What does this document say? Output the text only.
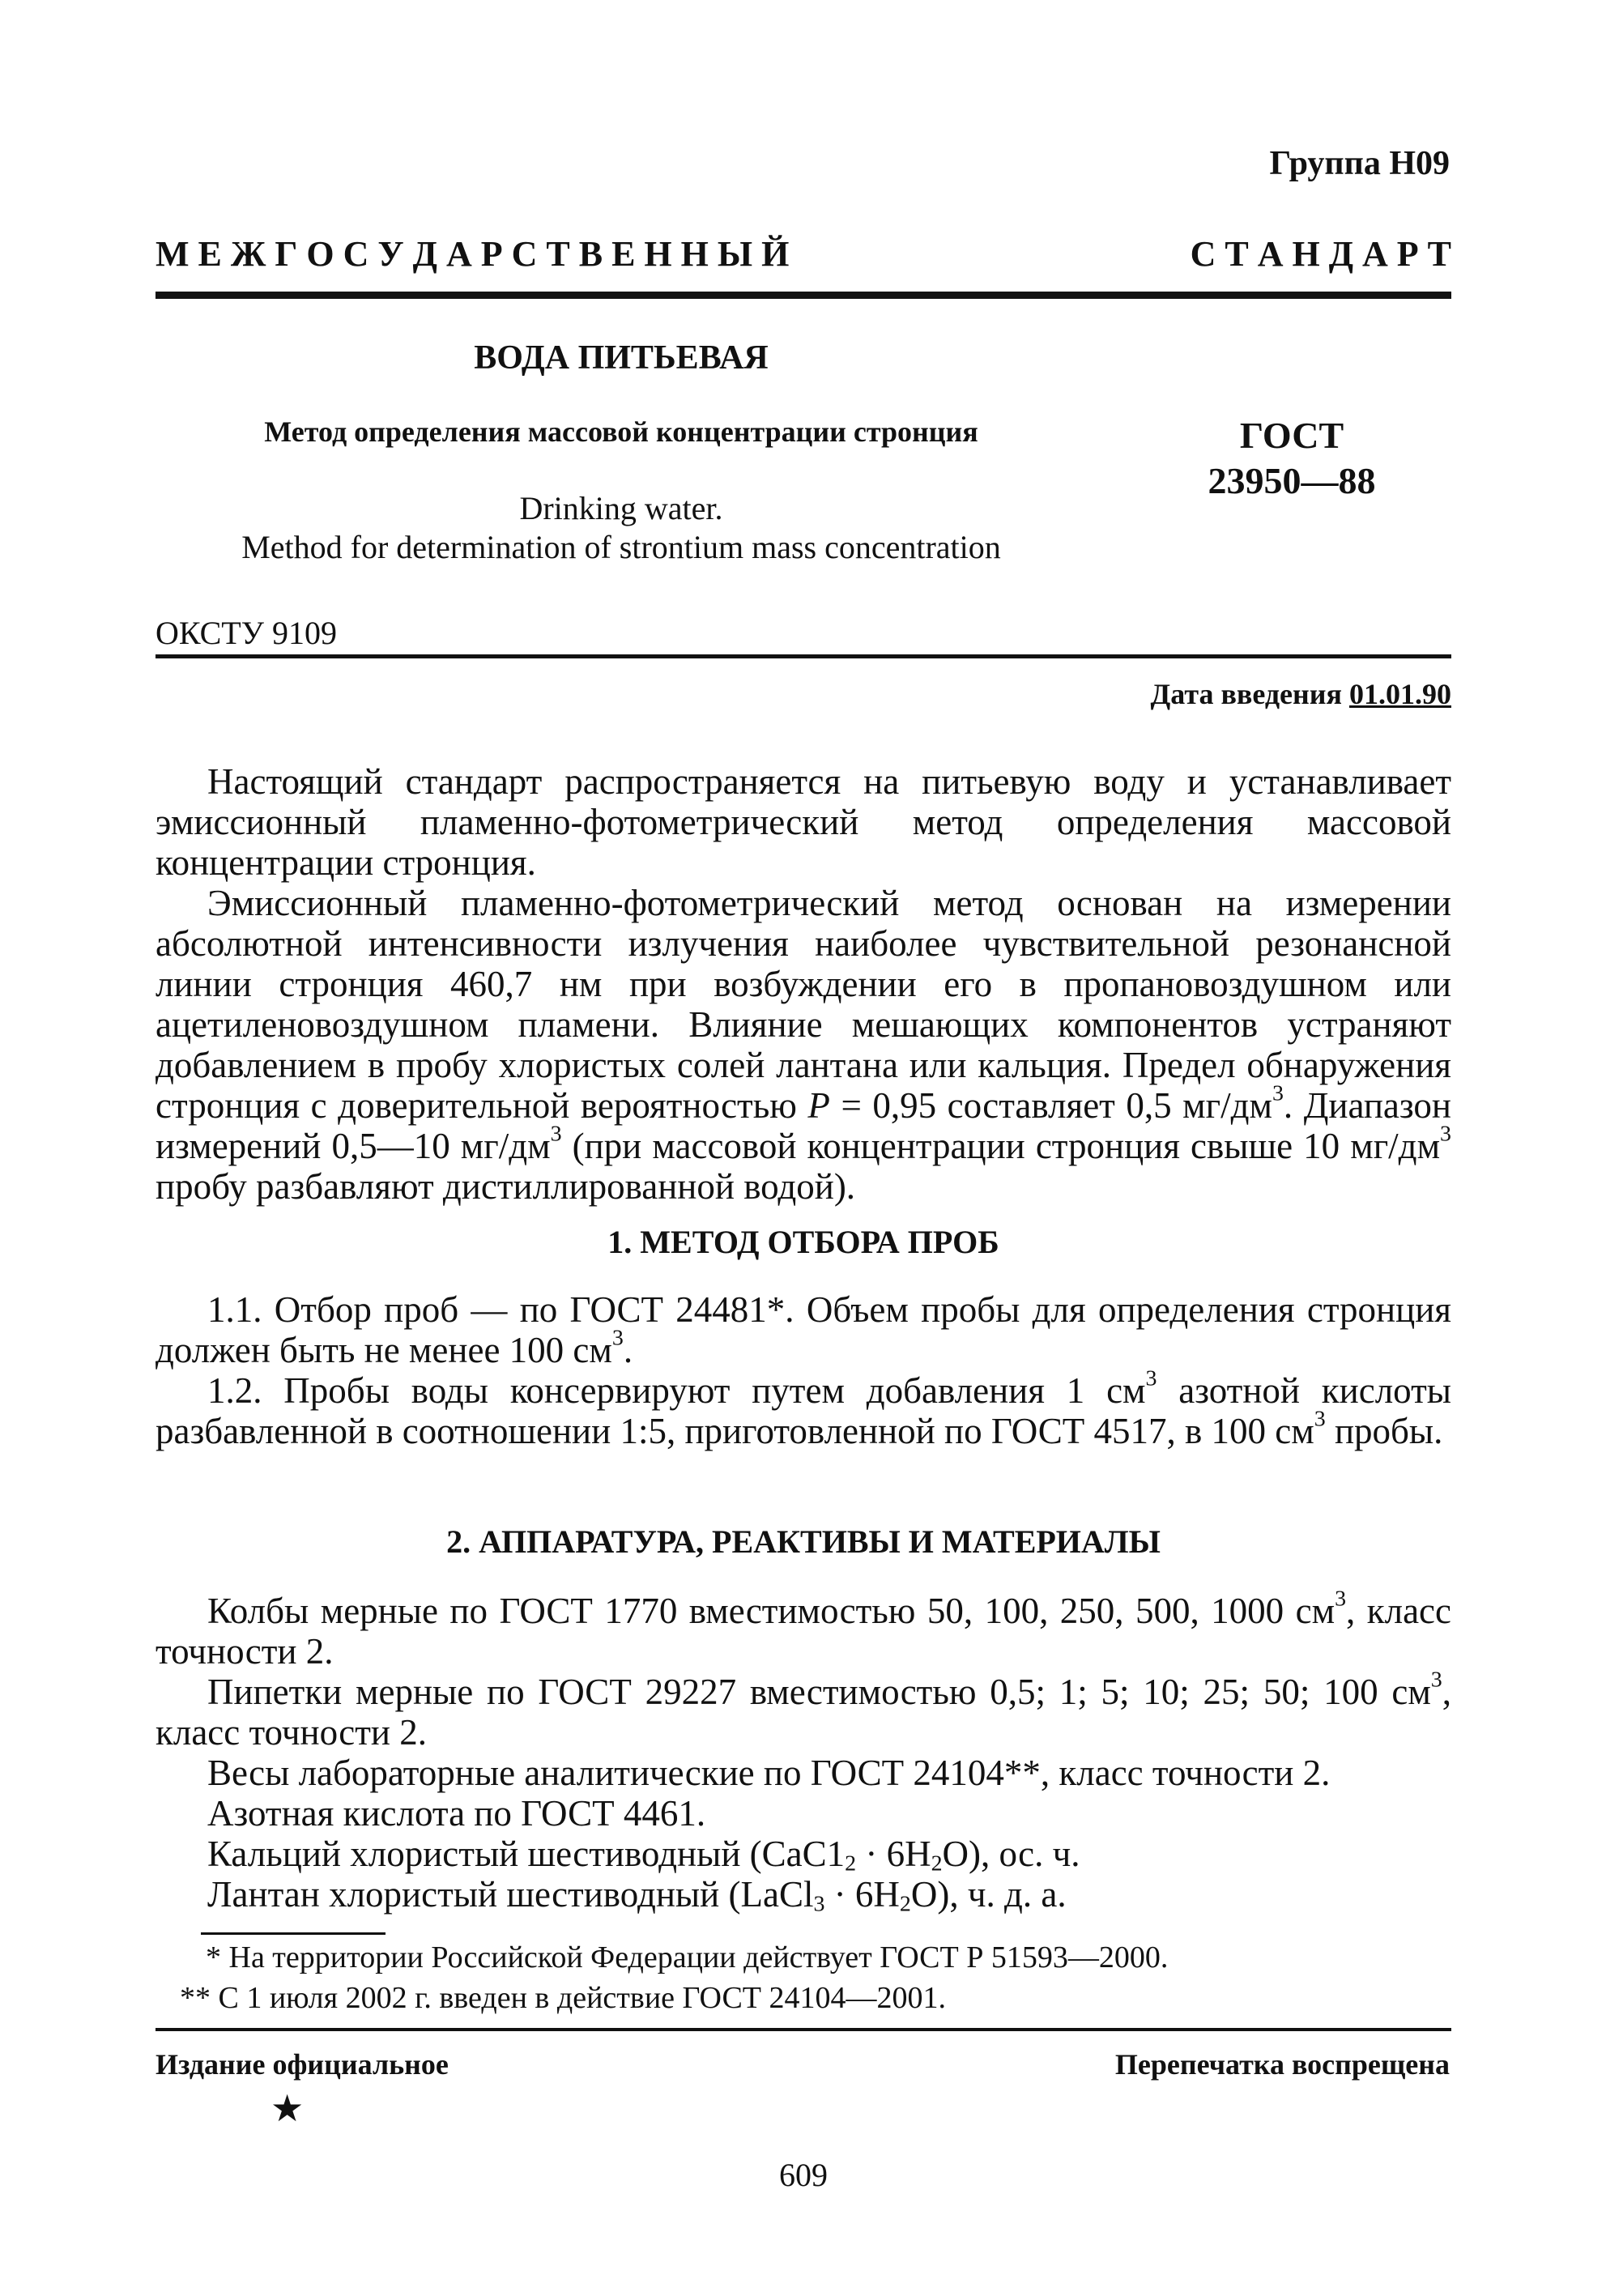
Группа Н09
М Е Ж Г О С У Д А Р С Т В Е Н Н Ы Й	С Т А Н Д А Р Т
ВОДА ПИТЬЕВАЯ
Метод определения массовой концентрации стронция	ГОСТ
23950—88
Drinking water.
Method for determination of strontium mass concentration
ОКСТУ 9109
Дата введения 01.01.90

Настоящий стандарт распространяется на питьевую воду и устанавливает эмиссионный пламенно-фотометрический метод определения массовой концентрации стронция.

Эмиссионный пламенно-фотометрический метод основан на измерении абсолютной интенсивности излучения наиболее чувствительной резонансной линии стронция 460,7 нм при возбуждении его в пропановоздушном или ацетиленовоздушном пламени. Влияние мешающих компонентов устраняют добавлением в пробу хлористых солей лантана или кальция. Предел обнаружения стронция с доверительной вероятностью Р = 0,95 составляет 0,5 $мг/дм^3$. Диапазон измерений 0,5—10 $мг/дм^3$ (при массовой концентрации стронция свыше 10 $мг/дм^3$ пробу разбавляют дистиллированной водой).

1. МЕТОД ОТБОРА ПРОБ

1.1. Отбор проб — по ГОСТ 24481*. Объем пробы для определения стронция должен быть не менее 100 $см^3$.

1.2. Пробы воды консервируют путем добавления 1 $см^3$ азотной кислоты разбавленной в соотношении 1:5, приготовленной по ГОСТ 4517, в 100 $см^3$ пробы.

2. АППАРАТУРА, РЕАКТИВЫ И МАТЕРИАЛЫ

Колбы мерные по ГОСТ 1770 вместимостью 50, 100, 250, 500, 1000 $см^3$, класс точности 2.

Пипетки мерные по ГОСТ 29227 вместимостью 0,5; 1; 5; 10; 25; 50; 100 $см^3$, класс точности 2.

Весы лабораторные аналитические по ГОСТ 24104**, класс точности 2.

Азотная кислота по ГОСТ 4461.

Кальций хлористый шестиводный $(СаС1_2 \cdot 6Н_2О)$, ос. ч.

Лантан хлористый шестиводный (LaCl$_3$ · $6Н_2О$), ч. д. а.

* На территории Российской Федерации действует ГОСТ Р 51593—2000.
** С 1 июля 2002 г. введен в действие ГОСТ 24104—2001.
Издание официальное	Перепечатка воспрещена
★
609
